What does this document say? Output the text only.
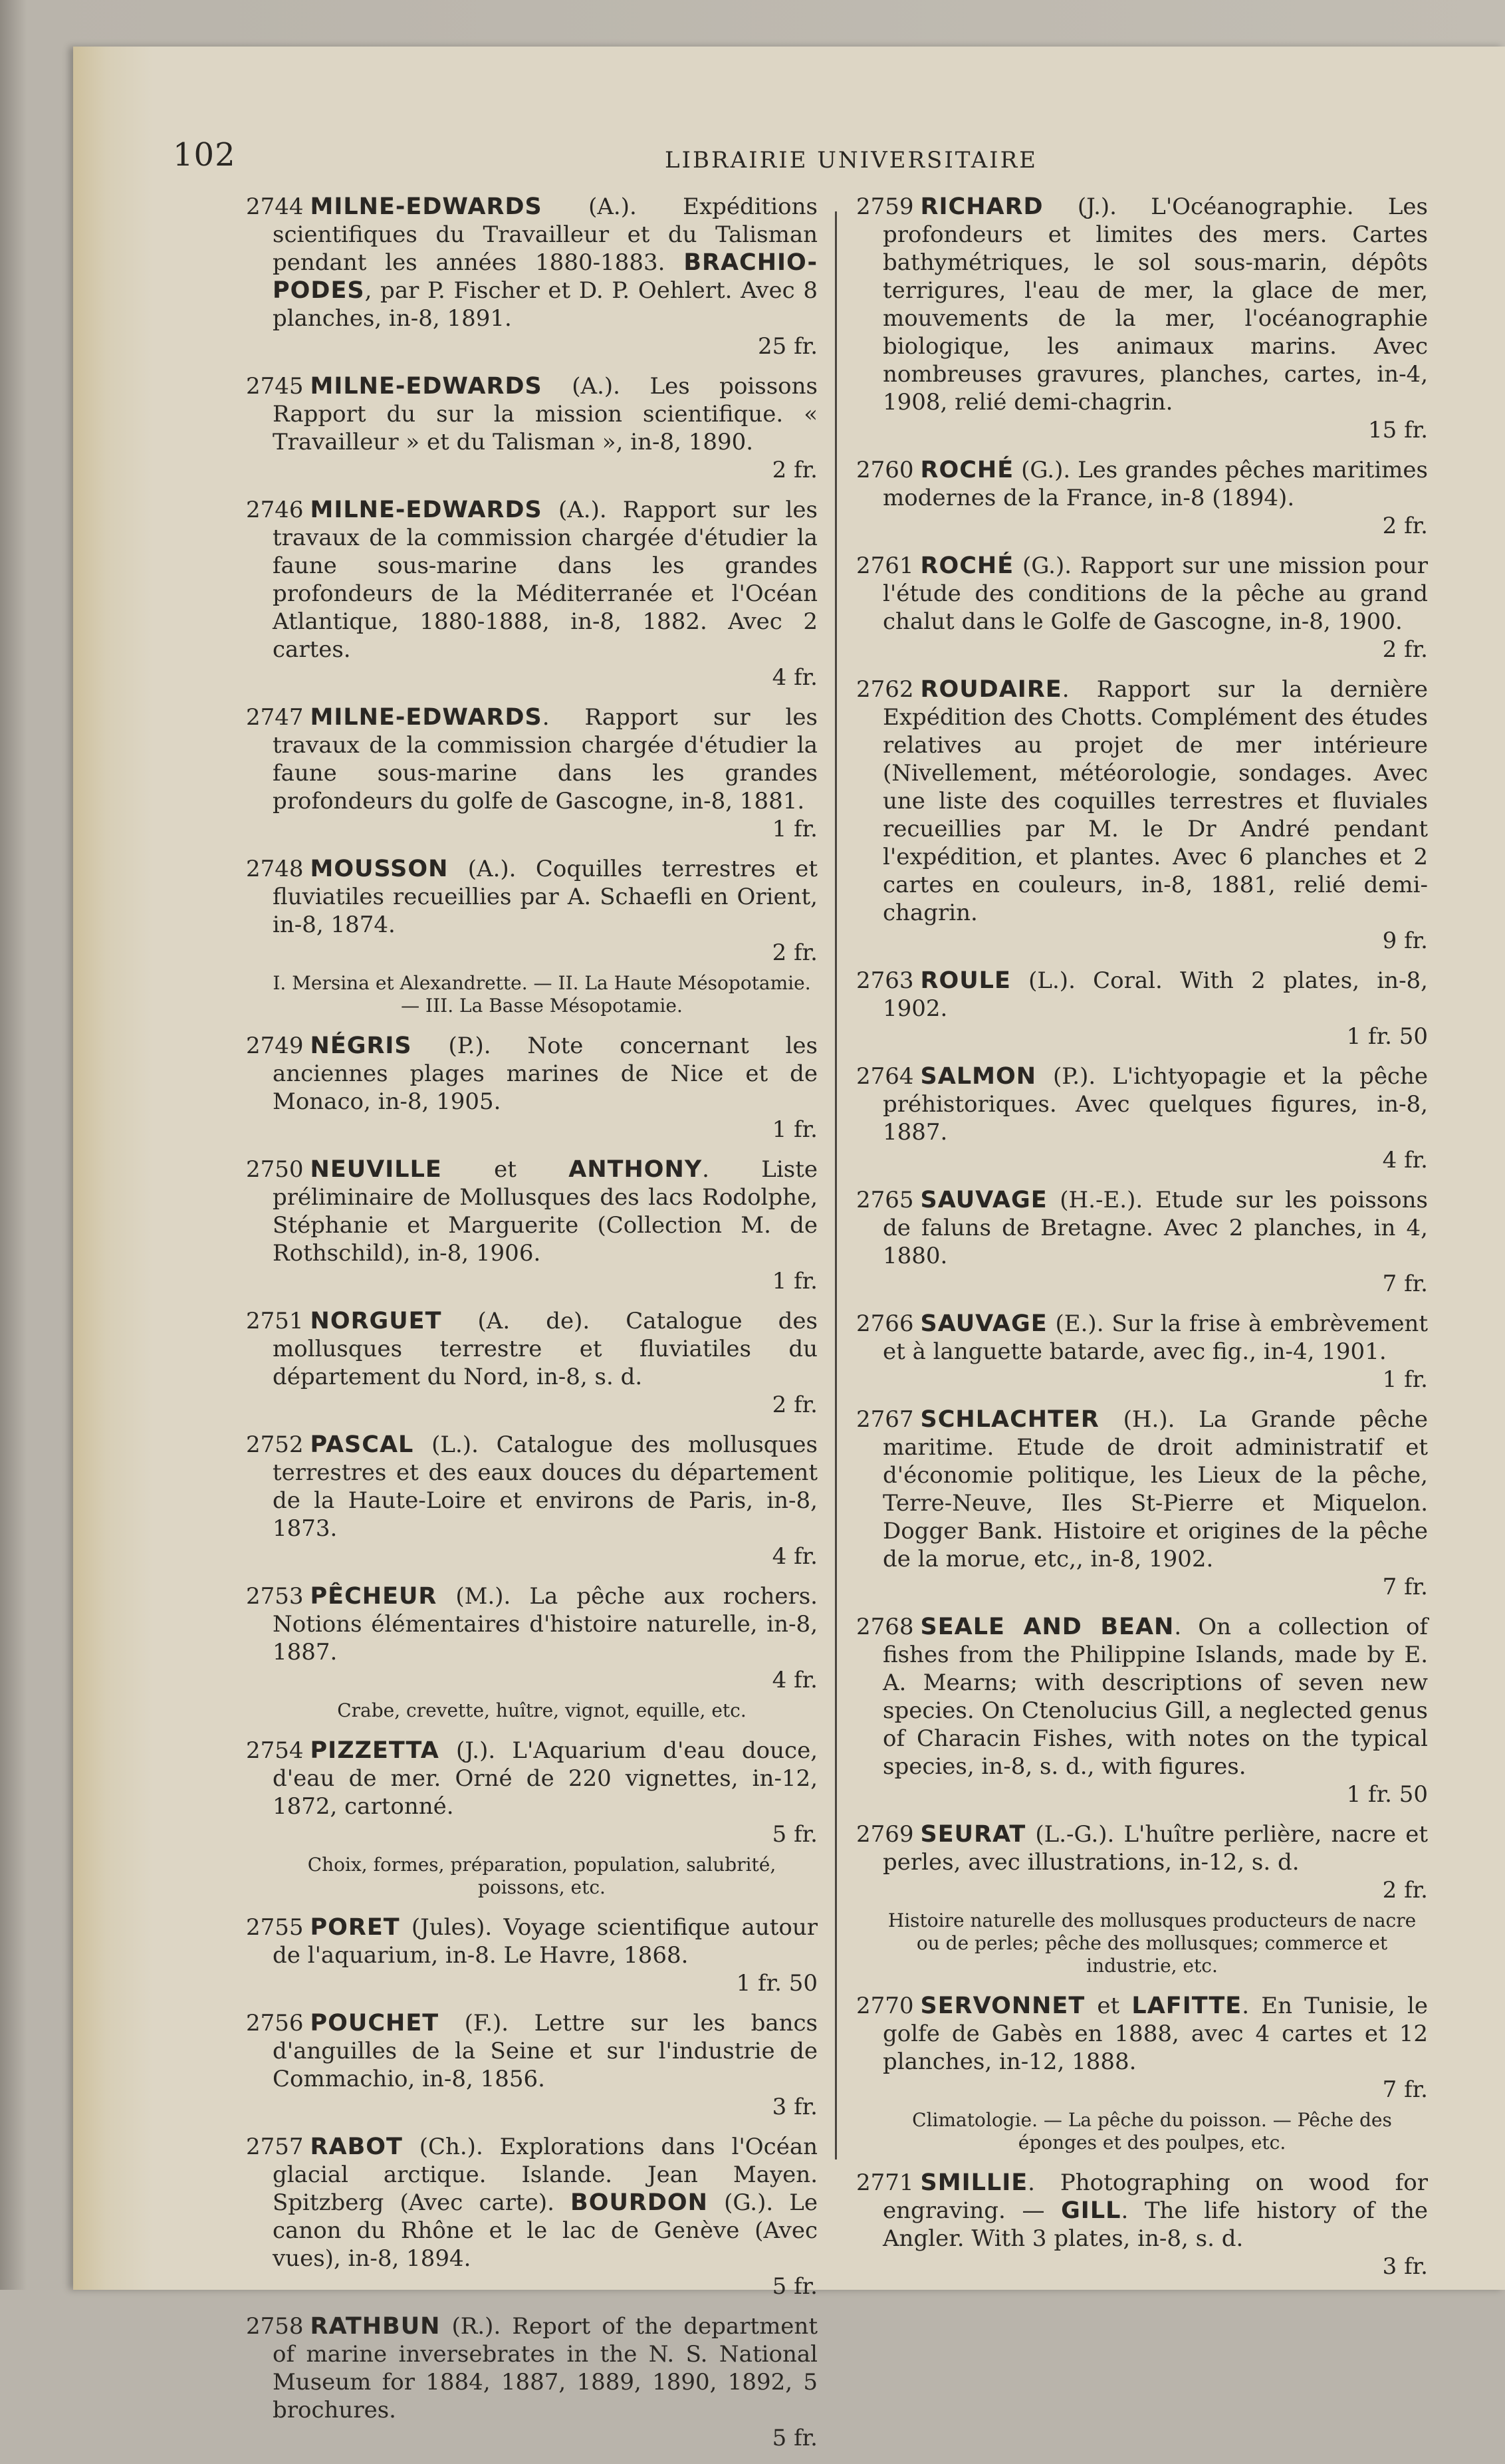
102	LIBRAIRIE UNIVERSITAIRE

2744 MILNE-EDWARDS (A.). Expéditions scientifiques du Travailleur et du Talisman pendant les années 1880-1883. BRACHIO-PODES, par P. Fischer et D. P. Oehlert. Avec 8 planches, in-8, 1891.
25 fr.

2745 MILNE-EDWARDS (A.). Les poissons Rapport du sur la mission scientifique. « Travailleur » et du Talisman », in-8, 1890.
2 fr.

2746 MILNE-EDWARDS (A.). Rapport sur les travaux de la commission chargée d'étudier la faune sous-marine dans les grandes profondeurs de la Méditerranée et l'Océan Atlantique, 1880-1888, in-8, 1882. Avec 2 cartes.
4 fr.

2747 MILNE-EDWARDS. Rapport sur les travaux de la commission chargée d'étudier la faune sous-marine dans les grandes profondeurs du golfe de Gascogne, in-8, 1881.
1 fr.

2748 MOUSSON (A.). Coquilles terrestres et fluviatiles recueillies par A. Schaefli en Orient, in-8, 1874.
2 fr.

I. Mersina et Alexandrette. — II. La Haute Mésopotamie. — III. La Basse Mésopotamie.

2749 NÉGRIS (P.). Note concernant les anciennes plages marines de Nice et de Monaco, in-8, 1905.
1 fr.

2750 NEUVILLE et ANTHONY. Liste préliminaire de Mollusques des lacs Rodolphe, Stéphanie et Marguerite (Collection M. de Rothschild), in-8, 1906.
1 fr.

2751 NORGUET (A. de). Catalogue des mollusques terrestre et fluviatiles du département du Nord, in-8, s. d.
2 fr.

2752 PASCAL (L.). Catalogue des mollusques terrestres et des eaux douces du département de la Haute-Loire et environs de Paris, in-8, 1873.
4 fr.

2753 PÊCHEUR (M.). La pêche aux rochers. Notions élémentaires d'histoire naturelle, in-8, 1887.
4 fr.

Crabe, crevette, huître, vignot, equille, etc.

2754 PIZZETTA (J.). L'Aquarium d'eau douce, d'eau de mer. Orné de 220 vignettes, in-12, 1872, cartonné.
5 fr.

Choix, formes, préparation, population, salubrité, poissons, etc.

2755 PORET (Jules). Voyage scientifique autour de l'aquarium, in-8. Le Havre, 1868.
1 fr. 50

2756 POUCHET (F.). Lettre sur les bancs d'anguilles de la Seine et sur l'industrie de Commachio, in-8, 1856.
3 fr.

2757 RABOT (Ch.). Explorations dans l'Océan glacial arctique. Islande. Jean Mayen. Spitzberg (Avec carte). BOURDON (G.). Le canon du Rhône et le lac de Genève (Avec vues), in-8, 1894.
5 fr.

2758 RATHBUN (R.). Report of the department of marine inversebrates in the N. S. National Museum for 1884, 1887, 1889, 1890, 1892, 5 brochures.
5 fr.

2759 RICHARD (J.). L'Océanographie. Les profondeurs et limites des mers. Cartes bathymétriques, le sol sous-marin, dépôts terrigures, l'eau de mer, la glace de mer, mouvements de la mer, l'océanographie biologique, les animaux marins. Avec nombreuses gravures, planches, cartes, in-4, 1908, relié demi-chagrin.
15 fr.

2760 ROCHÉ (G.). Les grandes pêches maritimes modernes de la France, in-8 (1894).
2 fr.

2761 ROCHÉ (G.). Rapport sur une mission pour l'étude des conditions de la pêche au grand chalut dans le Golfe de Gascogne, in-8, 1900.
2 fr.

2762 ROUDAIRE. Rapport sur la dernière Expédition des Chotts. Complément des études relatives au projet de mer intérieure (Nivellement, météorologie, sondages. Avec une liste des coquilles terrestres et fluviales recueillies par M. le Dr André pendant l'expédition, et plantes. Avec 6 planches et 2 cartes en couleurs, in-8, 1881, relié demi-chagrin.
9 fr.

2763 ROULE (L.). Coral. With 2 plates, in-8, 1902.
1 fr. 50

2764 SALMON (P.). L'ichtyopagie et la pêche préhistoriques. Avec quelques figures, in-8, 1887.
4 fr.

2765 SAUVAGE (H.-E.). Etude sur les poissons de faluns de Bretagne. Avec 2 planches, in 4, 1880.
7 fr.

2766 SAUVAGE (E.). Sur la frise à embrèvement et à languette batarde, avec fig., in-4, 1901.
1 fr.

2767 SCHLACHTER (H.). La Grande pêche maritime. Etude de droit administratif et d'économie politique, les Lieux de la pêche, Terre-Neuve, Iles St-Pierre et Miquelon. Dogger Bank. Histoire et origines de la pêche de la morue, etc,, in-8, 1902.
7 fr.

2768 SEALE AND BEAN. On a collection of fishes from the Philippine Islands, made by E. A. Mearns; with descriptions of seven new species. On Ctenolucius Gill, a neglected genus of Characin Fishes, with notes on the typical species, in-8, s. d., with figures.
1 fr. 50

2769 SEURAT (L.-G.). L'huître perlière, nacre et perles, avec illustrations, in-12, s. d.
2 fr.

Histoire naturelle des mollusques producteurs de nacre ou de perles; pêche des mollusques; commerce et industrie, etc.

2770 SERVONNET et LAFITTE. En Tunisie, le golfe de Gabès en 1888, avec 4 cartes et 12 planches, in-12, 1888.
7 fr.

Climatologie. — La pêche du poisson. — Pêche des éponges et des poulpes, etc.

2771 SMILLIE. Photographing on wood for engraving. — GILL. The life history of the Angler. With 3 plates, in-8, s. d.
3 fr.
